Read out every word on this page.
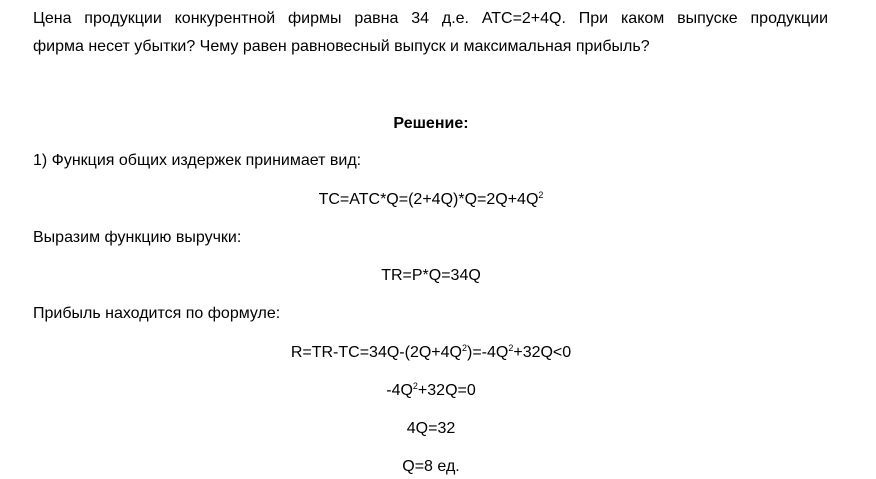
Цена продукции конкурентной фирмы равна 34 д.е. АТС=2+4Q. При каком выпуске продукции
фирма несет убытки? Чему равен равновесный выпуск и максимальная прибыль?
Решение:
1) Функция общих издержек принимает вид:
$TC=ATC*Q=(2+4Q)*Q=2Q+4Q^2$
Выразим функцию выручки:
TR=P*Q=34Q
Прибыль находится по формуле:
$R=TR-TC=34Q-(2Q+4Q^2)=-4Q^2+32Q<0$
$-4Q^2+32Q=0$
4Q=32
Q=8 ед.
